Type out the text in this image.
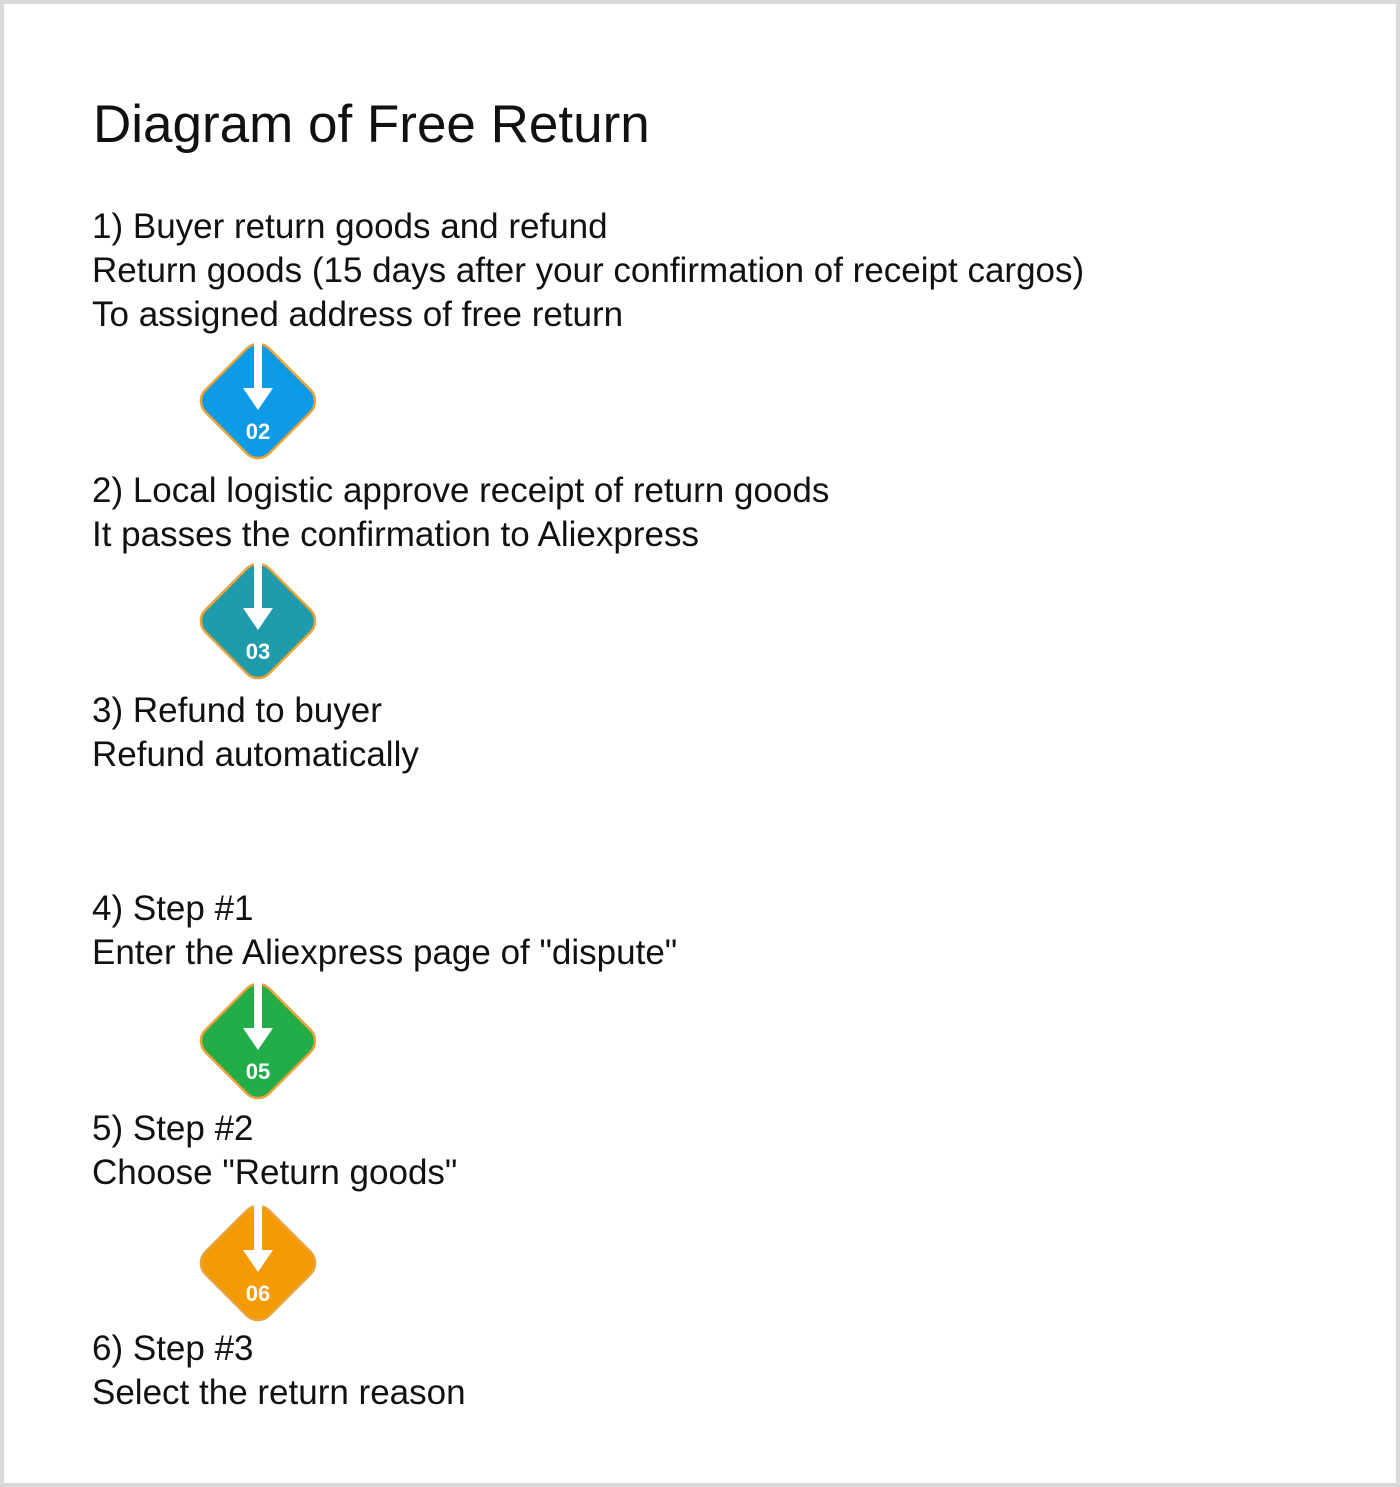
Diagram of Free Return
1) Buyer return goods and refund
Return goods (15 days after your confirmation of receipt cargos)
To assigned address of free return
02
2) Local logistic approve receipt of return goods
It passes the confirmation to Aliexpress
03
3) Refund to buyer
Refund automatically
4) Step #1
Enter the Aliexpress page of "dispute"
05
5) Step #2
Choose "Return goods"
06
6) Step #3
Select the return reason
